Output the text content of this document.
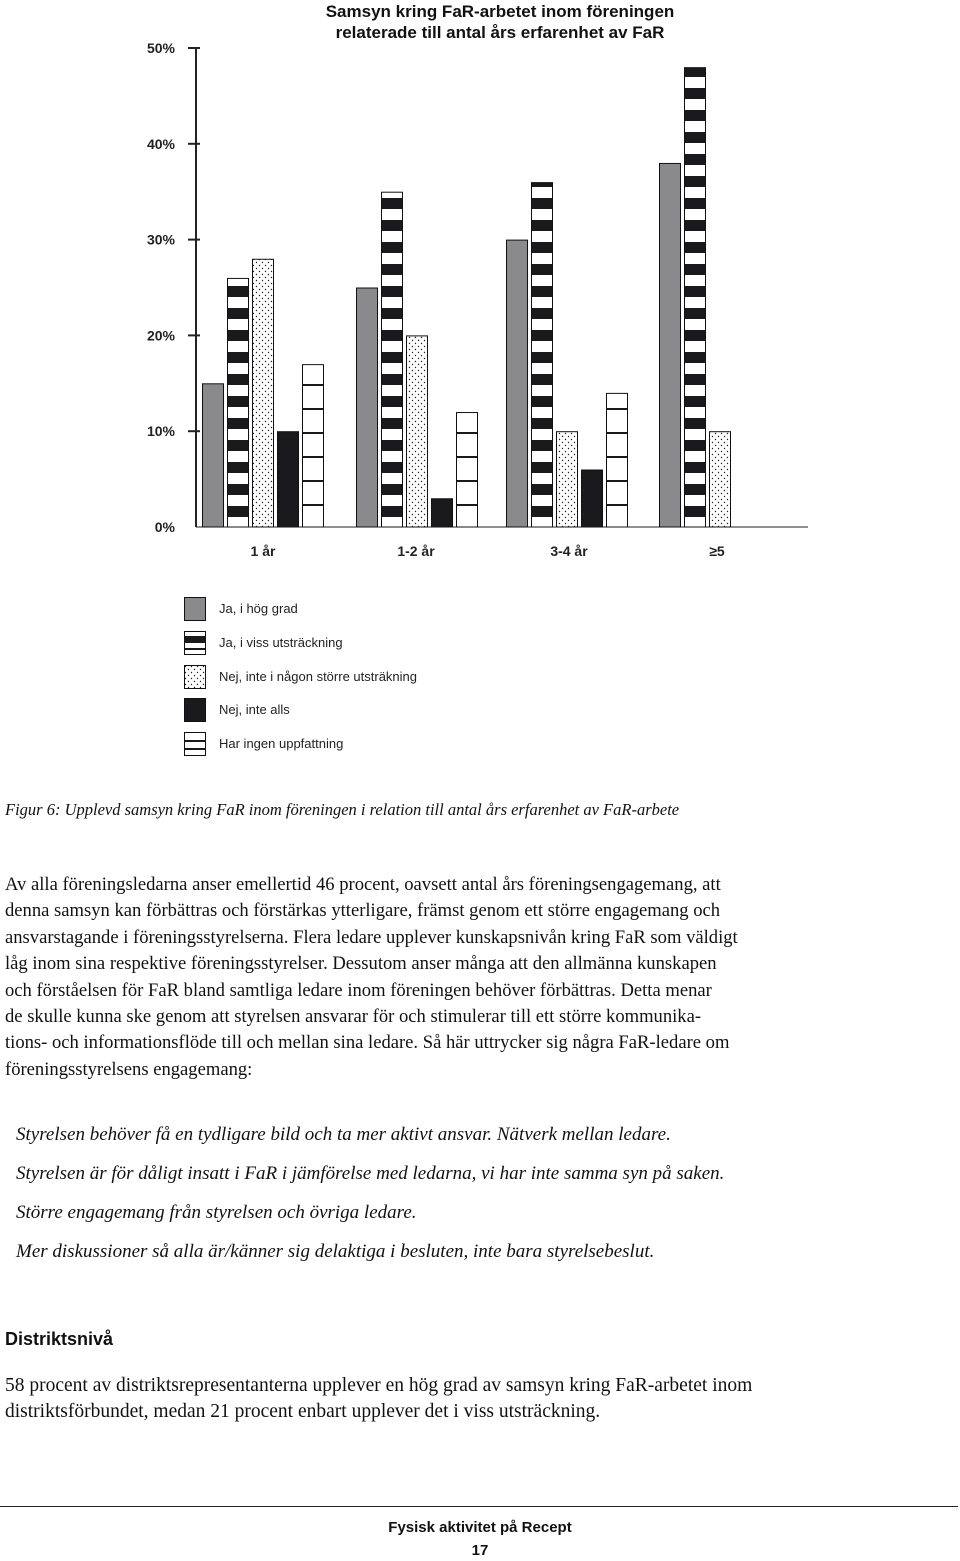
Samsyn kring FaR-arbetet inom föreningen
relaterade till antal års erfarenhet av FaR
0%
10%
20%
30%
40%
50%
1 år	1-2 år	3-4 år	≥5
Ja, i hög grad
Ja, i viss utsträckning
Nej, inte i någon större utsträkning
Nej, inte alls
Har ingen uppfattning
Figur 6: Upplevd samsyn kring FaR inom föreningen i relation till antal års erfarenhet av FaR-arbete
Av alla föreningsledarna anser emellertid 46 procent, oavsett antal års föreningsengagemang, att
denna samsyn kan förbättras och förstärkas ytterligare, främst genom ett större engagemang och
ansvarstagande i föreningsstyrelserna. Flera ledare upplever kunskapsnivån kring FaR som väldigt
låg inom sina respektive föreningsstyrelser. Dessutom anser många att den allmänna kunskapen
och förståelsen för FaR bland samtliga ledare inom föreningen behöver förbättras. Detta menar
de skulle kunna ske genom att styrelsen ansvarar för och stimulerar till ett större kommunika-
tions- och informationsflöde till och mellan sina ledare. Så här uttrycker sig några FaR-ledare om
föreningsstyrelsens engagemang:
Styrelsen behöver få en tydligare bild och ta mer aktivt ansvar. Nätverk mellan ledare.
Styrelsen är för dåligt insatt i FaR i jämförelse med ledarna, vi har inte samma syn på saken.
Större engagemang från styrelsen och övriga ledare.
Mer diskussioner så alla är/känner sig delaktiga i besluten, inte bara styrelsebeslut.
Distriktsnivå
58 procent av distriktsrepresentanterna upplever en hög grad av samsyn kring FaR-arbetet inom
distriktsförbundet, medan 21 procent enbart upplever det i viss utsträckning.
Fysisk aktivitet på Recept
17
